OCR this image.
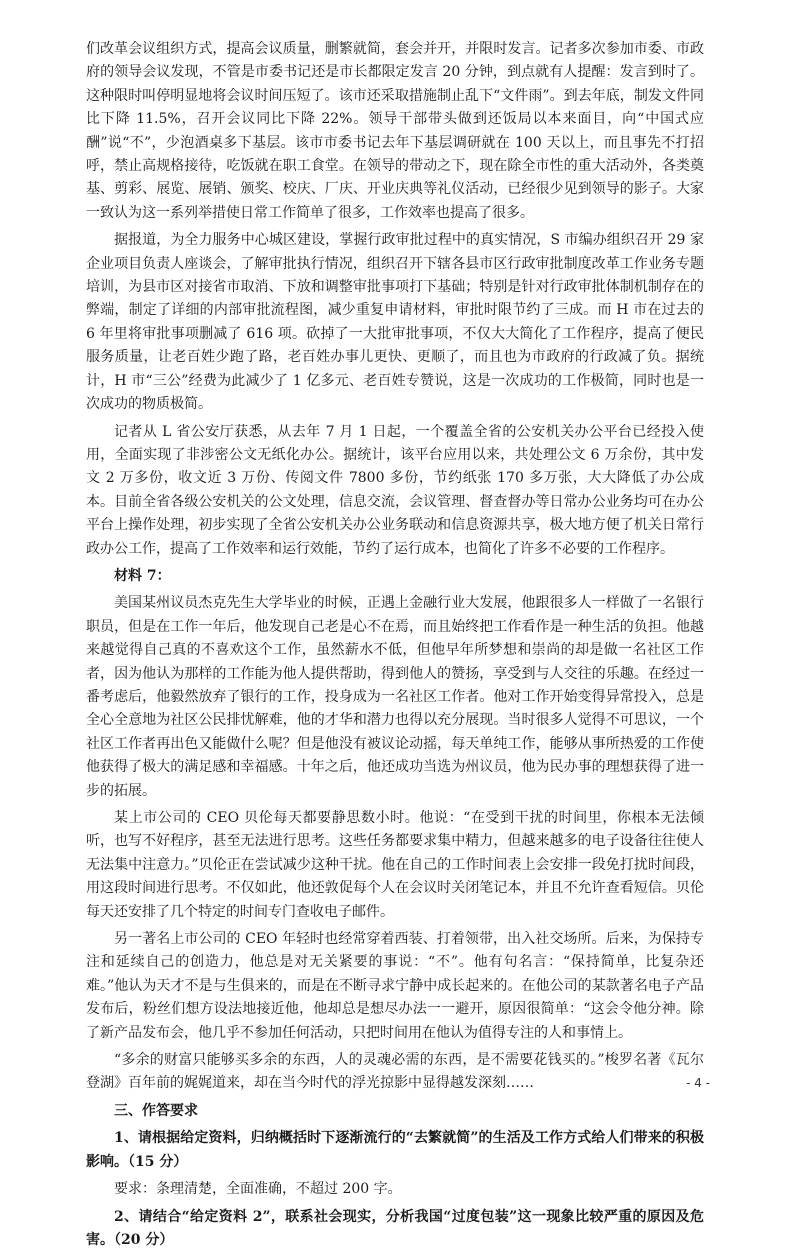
们改革会议组织方式，提高会议质量，删繁就简，套会并开，并限时发言。记者多次参加市委、市政府的领导会议发现，不管是市委书记还是市长都限定发言 20 分钟，到点就有人提醒：发言到时了。这种限时叫停明显地将会议时间压短了。该市还采取措施制止乱下“文件雨”。到去年底，制发文件同比下降 11.5%，召开会议同比下降 22%。领导干部带头做到还饭局以本来面目，向“中国式应酬”说“不”，少泡酒桌多下基层。该市市委书记去年下基层调研就在 100 天以上，而且事先不打招呼，禁止高规格接待，吃饭就在职工食堂。在领导的带动之下，现在除全市性的重大活动外，各类奠基、剪彩、展览、展销、颁奖、校庆、厂庆、开业庆典等礼仪活动，已经很少见到领导的影子。大家一致认为这一系列举措使日常工作简单了很多，工作效率也提高了很多。

据报道，为全力服务中心城区建设，掌握行政审批过程中的真实情况，S 市编办组织召开 29 家企业项目负责人座谈会，了解审批执行情况，组织召开下辖各县市区行政审批制度改革工作业务专题培训，为县市区对接省市取消、下放和调整审批事项打下基础；特别是针对行政审批体制机制存在的弊端，制定了详细的内部审批流程图，减少重复申请材料，审批时限节约了三成。而 H 市在过去的 6 年里将审批事项删减了 616 项。砍掉了一大批审批事项，不仅大大简化了工作程序，提高了便民服务质量，让老百姓少跑了路，老百姓办事儿更快、更顺了，而且也为市政府的行政减了负。据统计，H 市“三公”经费为此减少了 1 亿多元、老百姓专赞说，这是一次成功的工作极简，同时也是一次成功的物质极简。

记者从 L 省公安厅获悉，从去年 7 月 1 日起，一个覆盖全省的公安机关办公平台已经投入使用，全面实现了非涉密公文无纸化办公。据统计，该平台应用以来，共处理公文 6 万余份，其中发文 2 万多份，收文近 3 万份、传阅文件 7800 多份，节约纸张 170 多万张，大大降低了办公成本。目前全省各级公安机关的公文处理，信息交流，会议管理、督查督办等日常办公业务均可在办公平台上操作处理，初步实现了全省公安机关办公业务联动和信息资源共享，极大地方便了机关日常行政办公工作，提高了工作效率和运行效能，节约了运行成本，也简化了许多不必要的工作程序。

材料 7：

美国某州议员杰克先生大学毕业的时候，正遇上金融行业大发展，他跟很多人一样做了一名银行职员，但是在工作一年后，他发现自己老是心不在焉，而且始终把工作看作是一种生活的负担。他越来越觉得自己真的不喜欢这个工作，虽然薪水不低，但他早年所梦想和崇尚的却是做一名社区工作者，因为他认为那样的工作能为他人提供帮助，得到他人的赞扬，享受到与人交往的乐趣。在经过一番考虑后，他毅然放弃了银行的工作，投身成为一名社区工作者。他对工作开始变得异常投入，总是全心全意地为社区公民排忧解难，他的才华和潜力也得以充分展现。当时很多人觉得不可思议，一个社区工作者再出色又能做什么呢？但是他没有被议论动摇，每天单纯工作，能够从事所热爱的工作使他获得了极大的满足感和幸福感。十年之后，他还成功当选为州议员，他为民办事的理想获得了进一步的拓展。

某上市公司的 CEO 贝伦每天都要静思数小时。他说：“在受到干扰的时间里，你根本无法倾听，也写不好程序，甚至无法进行思考。这些任务都要求集中精力，但越来越多的电子设备往往使人无法集中注意力。”贝伦正在尝试减少这种干扰。他在自己的工作时间表上会安排一段免打扰时间段，用这段时间进行思考。不仅如此，他还敦促每个人在会议时关闭笔记本，并且不允许查看短信。贝伦每天还安排了几个特定的时间专门查收电子邮件。

另一著名上市公司的 CEO 年轻时也经常穿着西装、打着领带，出入社交场所。后来，为保持专注和延续自己的创造力，他总是对无关紧要的事说：“不”。他有句名言：“保持简单，比复杂还难。”他认为天才不是与生俱来的，而是在不断寻求宁静中成长起来的。在他公司的某款著名电子产品发布后，粉丝们想方设法地接近他，他却总是想尽办法一一避开，原因很简单：“这会令他分神。除了新产品发布会，他几乎不参加任何活动，只把时间用在他认为值得专注的人和事情上。

“多余的财富只能够买多余的东西，人的灵魂必需的东西，是不需要花钱买的。”梭罗名著《瓦尔登湖》百年前的娓娓道来，却在当今时代的浮光掠影中显得越发深刻……

三、作答要求
1、请根据给定资料，归纳概括时下逐渐流行的“去繁就简”的生活及工作方式给人们带来的积极影响。（15 分）
要求：条理清楚，全面准确，不超过 200 字。
2、请结合“给定资料 2”，联系社会现实，分析我国“过度包装”这一现象比较严重的原因及危害。（20 分）
- 4 -
